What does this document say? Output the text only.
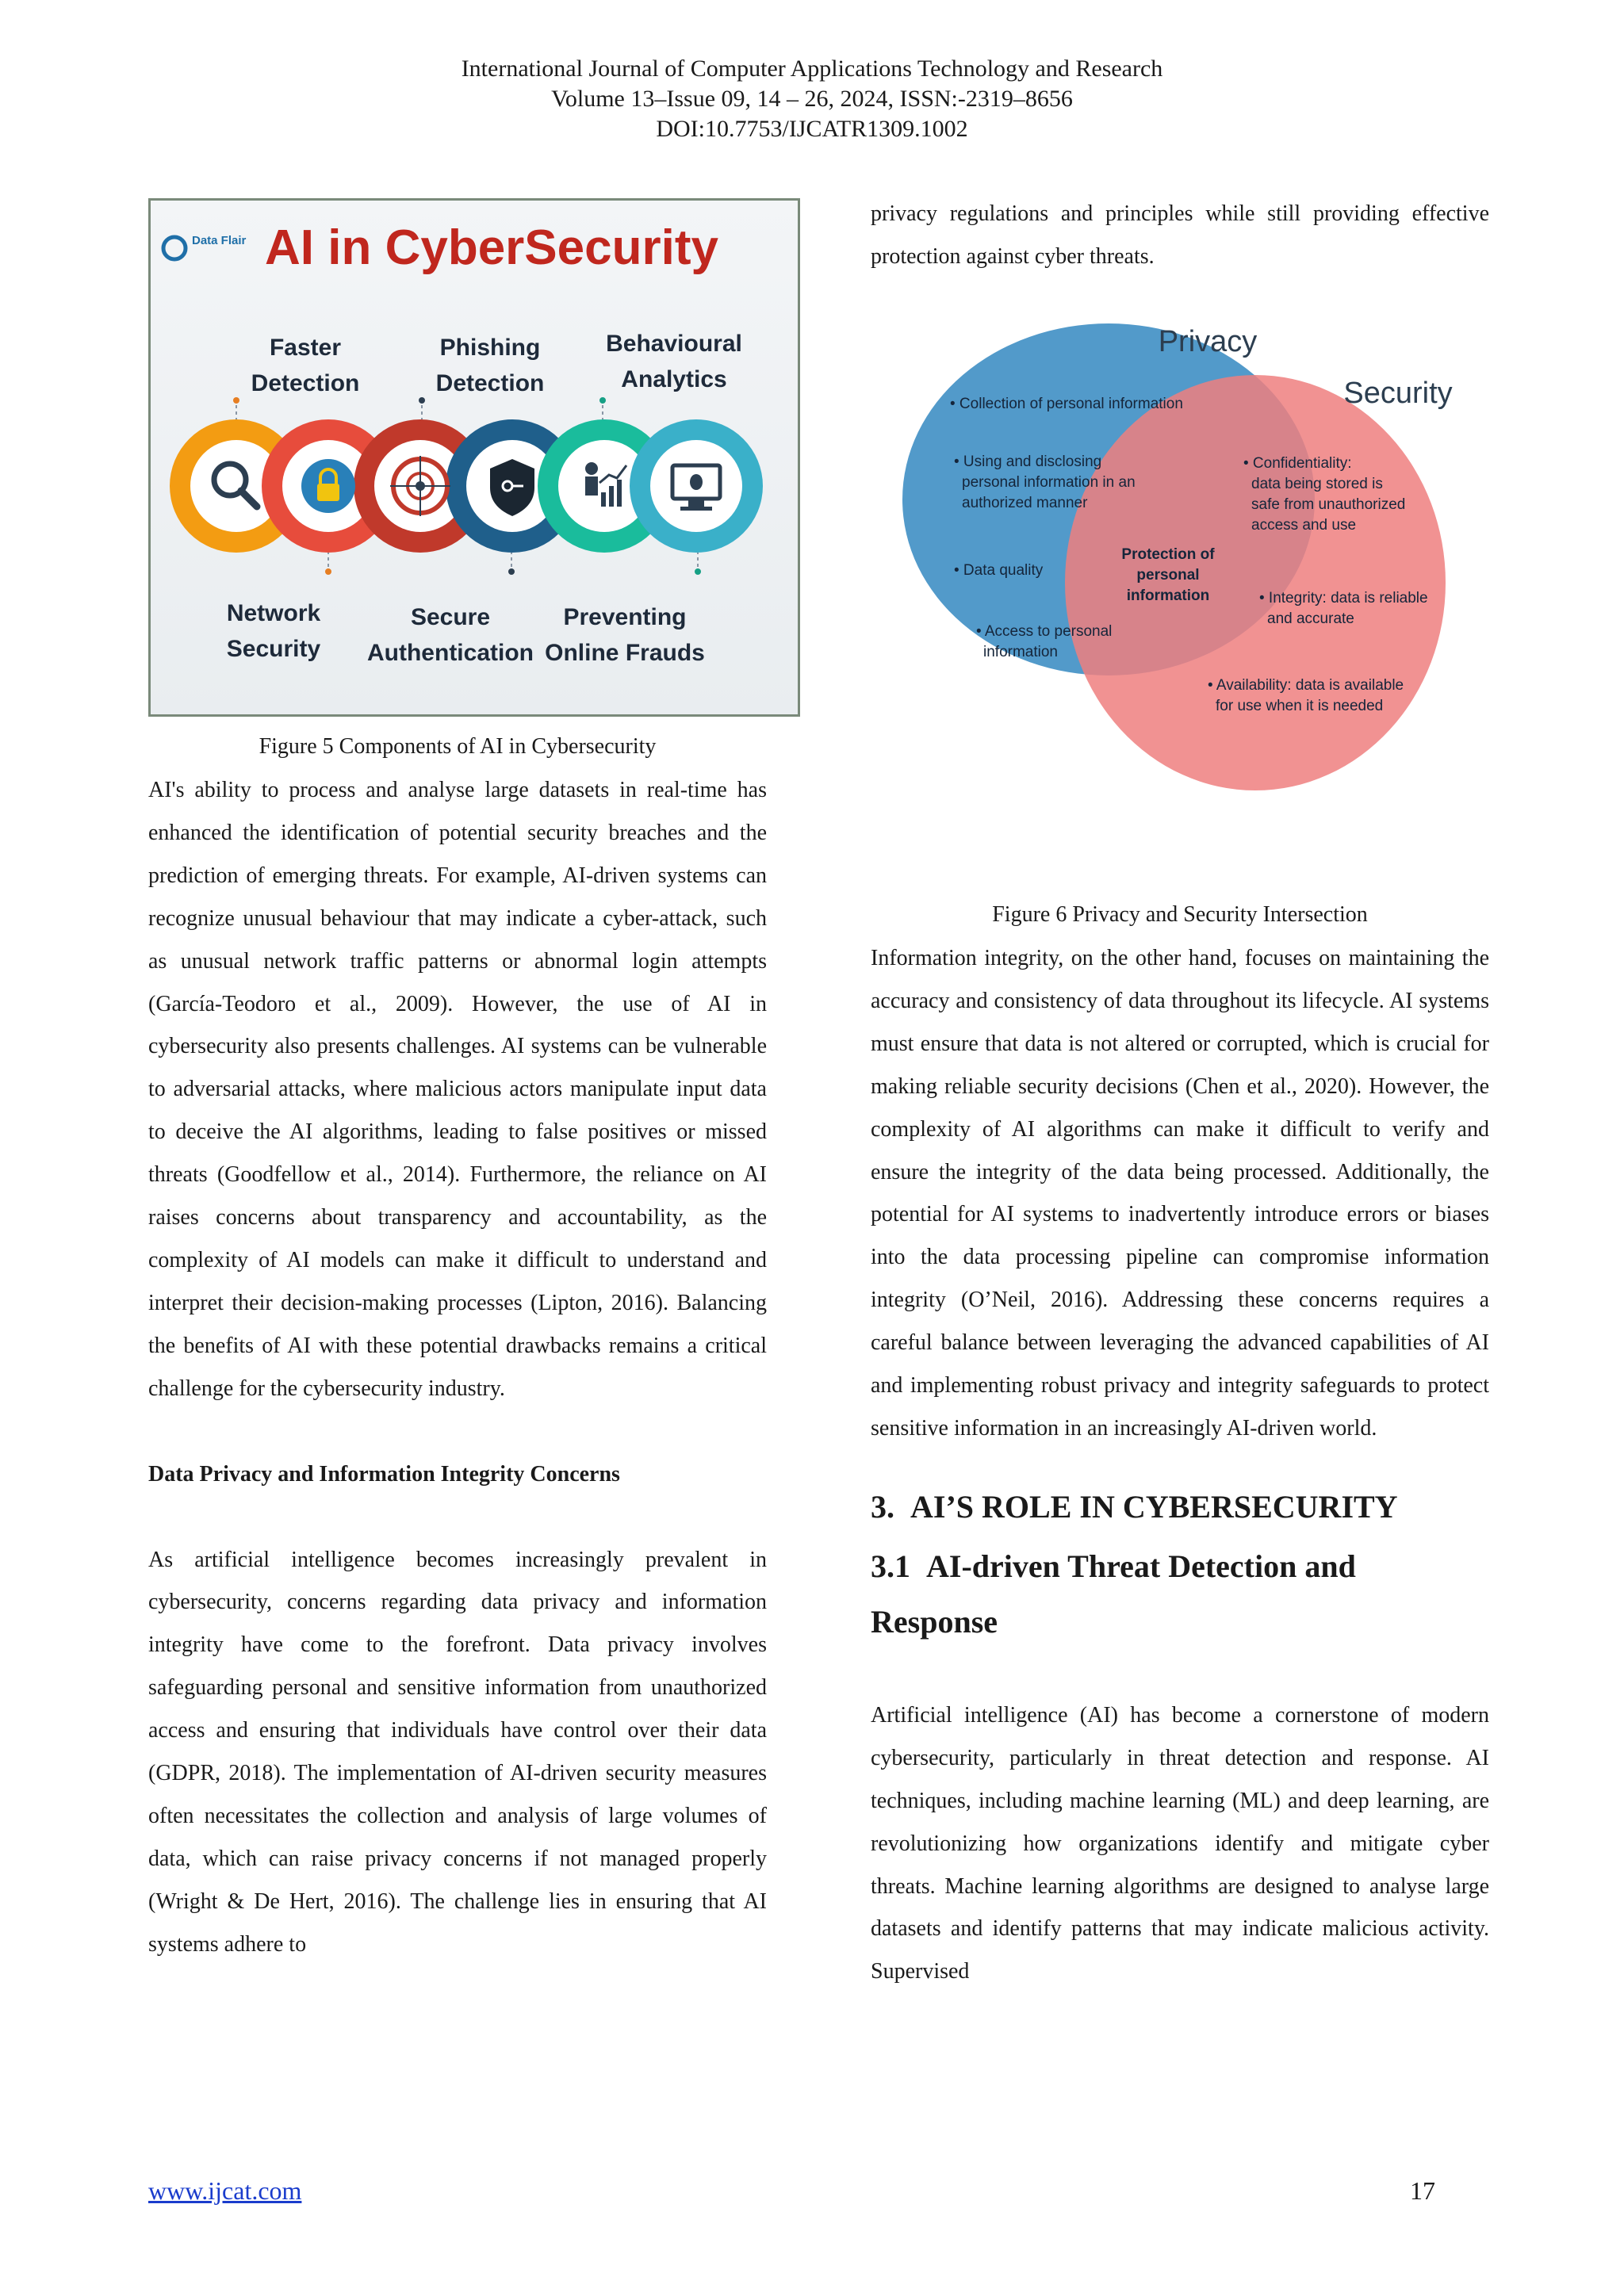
International Journal of Computer Applications Technology and Research
Volume 13–Issue 09, 14 – 26, 2024, ISSN:-2319–8656
DOI:10.7753/IJCATR1309.1002
Data Flair AI in CyberSecurity
Faster
Detection
Phishing
Detection
Behavioural
Analytics
Network
Security
Secure
Authentication
Preventing
Online Frauds
Figure 5 Components of AI in Cybersecurity

AI's ability to process and analyse large datasets in real-time has enhanced the identification of potential security breaches and the prediction of emerging threats. For example, AI-driven systems can recognize unusual behaviour that may indicate a cyber-attack, such as unusual network traffic patterns or abnormal login attempts (García-Teodoro et al., 2009). However, the use of AI in cybersecurity also presents challenges. AI systems can be vulnerable to adversarial attacks, where malicious actors manipulate input data to deceive the AI algorithms, leading to false positives or missed threats (Goodfellow et al., 2014). Furthermore, the reliance on AI raises concerns about transparency and accountability, as the complexity of AI models can make it difficult to understand and interpret their decision-making processes (Lipton, 2016). Balancing the benefits of AI with these potential drawbacks remains a critical challenge for the cybersecurity industry.

Data Privacy and Information Integrity Concerns

As artificial intelligence becomes increasingly prevalent in cybersecurity, concerns regarding data privacy and information integrity have come to the forefront. Data privacy involves safeguarding personal and sensitive information from unauthorized access and ensuring that individuals have control over their data (GDPR, 2018). The implementation of AI-driven security measures often necessitates the collection and analysis of large volumes of data, which can raise privacy concerns if not managed properly (Wright & De Hert, 2016). The challenge lies in ensuring that AI systems adhere to

privacy regulations and principles while still providing effective protection against cyber threats.

Privacy
Security
• Collection of personal information
• Using and disclosing
personal information in an
authorized manner
• Data quality
• Access to personal
information
Protection of
personal
information
• Confidentiality:
data being stored is
safe from unauthorized
access and use
• Integrity: data is reliable
and accurate
• Availability: data is available
for use when it is needed
Figure 6 Privacy and Security Intersection

Information integrity, on the other hand, focuses on maintaining the accuracy and consistency of data throughout its lifecycle. AI systems must ensure that data is not altered or corrupted, which is crucial for making reliable security decisions (Chen et al., 2020). However, the complexity of AI algorithms can make it difficult to verify and ensure the integrity of the data being processed. Additionally, the potential for AI systems to inadvertently introduce errors or biases into the data processing pipeline can compromise information integrity (O’Neil, 2016). Addressing these concerns requires a careful balance between leveraging the advanced capabilities of AI and implementing robust privacy and integrity safeguards to protect sensitive information in an increasingly AI-driven world.

3. AI’S ROLE IN CYBERSECURITY

3.1 AI-driven Threat Detection and

Response

Artificial intelligence (AI) has become a cornerstone of modern cybersecurity, particularly in threat detection and response. AI techniques, including machine learning (ML) and deep learning, are revolutionizing how organizations identify and mitigate cyber threats. Machine learning algorithms are designed to analyse large datasets and identify patterns that may indicate malicious activity. Supervised

www.ijcat.com	17
